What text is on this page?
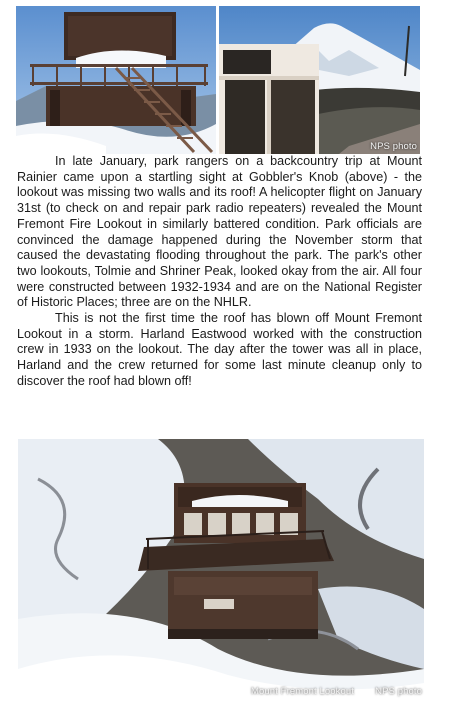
NPS photo

In late January, park rangers on a backcountry trip at Mount Rainier came upon a startling sight at Gobbler's Knob (above) - the lookout was missing two walls and its roof! A helicopter flight on January 31st (to check on and repair park radio repeaters) revealed the Mount Fremont Fire Lookout in similarly battered condition. Park officials are convinced the damage happened during the November storm that caused the devastating flooding throughout the park. The park's other two lookouts, Tolmie and Shriner Peak, looked okay from the air. All four were constructed between 1932-1934 and are on the National Register of Historic Places; three are on the NHLR.

This is not the first time the roof has blown off Mount Fremont Lookout in a storm. Harland Eastwood worked with the construction crew in 1933 on the lookout. The day after the tower was all in place, Harland and the crew returned for some last minute cleanup only to discover the roof had blown off!

Mount Fremont Lookout NPS photo
